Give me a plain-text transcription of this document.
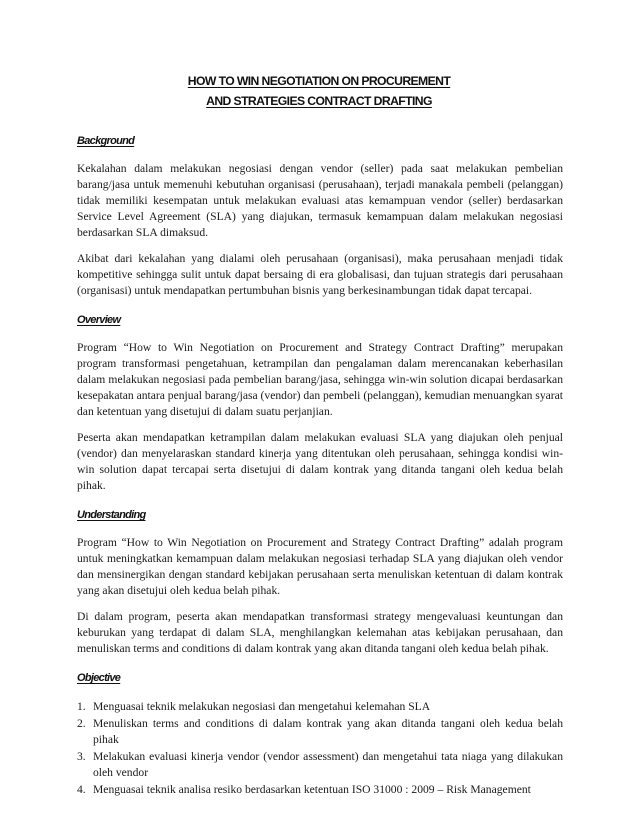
HOW TO WIN NEGOTIATION ON PROCUREMENT
AND STRATEGIES CONTRACT DRAFTING
Background

Kekalahan dalam melakukan negosiasi dengan vendor (seller) pada saat melakukan pembelian barang/jasa untuk memenuhi kebutuhan organisasi (perusahaan), terjadi manakala pembeli (pelanggan) tidak memiliki kesempatan untuk melakukan evaluasi atas kemampuan vendor (seller) berdasarkan Service Level Agreement (SLA) yang diajukan, termasuk kemampuan dalam melakukan negosiasi berdasarkan SLA dimaksud.

Akibat dari kekalahan yang dialami oleh perusahaan (organisasi), maka perusahaan menjadi tidak kompetitive sehingga sulit untuk dapat bersaing di era globalisasi, dan tujuan strategis dari perusahaan (organisasi) untuk mendapatkan pertumbuhan bisnis yang berkesinambungan tidak dapat tercapai.

Overview

Program “How to Win Negotiation on Procurement and Strategy Contract Drafting” merupakan program transformasi pengetahuan, ketrampilan dan pengalaman dalam merencanakan keberhasilan dalam melakukan negosiasi pada pembelian barang/jasa, sehingga win-win solution dicapai berdasarkan kesepakatan antara penjual barang/jasa (vendor) dan pembeli (pelanggan), kemudian menuangkan syarat dan ketentuan yang disetujui di dalam suatu perjanjian.

Peserta akan mendapatkan ketrampilan dalam melakukan evaluasi SLA yang diajukan oleh penjual (vendor) dan menyelaraskan standard kinerja yang ditentukan oleh perusahaan, sehingga kondisi win-win solution dapat tercapai serta disetujui di dalam kontrak yang ditanda tangani oleh kedua belah pihak.

Understanding

Program “How to Win Negotiation on Procurement and Strategy Contract Drafting” adalah program untuk meningkatkan kemampuan dalam melakukan negosiasi terhadap SLA yang diajukan oleh vendor dan mensinergikan dengan standard kebijakan perusahaan serta menuliskan ketentuan di dalam kontrak yang akan disetujui oleh kedua belah pihak.

Di dalam program, peserta akan mendapatkan transformasi strategy mengevaluasi keuntungan dan keburukan yang terdapat di dalam SLA, menghilangkan kelemahan atas kebijakan perusahaan, dan menuliskan terms and conditions di dalam kontrak yang akan ditanda tangani oleh kedua belah pihak.

Objective
1. Menguasai teknik melakukan negosiasi dan mengetahui kelemahan SLA
2. Menuliskan terms and conditions di dalam kontrak yang akan ditanda tangani oleh kedua belah pihak
3. Melakukan evaluasi kinerja vendor (vendor assessment) dan mengetahui tata niaga yang dilakukan oleh vendor
4. Menguasai teknik analisa resiko berdasarkan ketentuan ISO 31000 : 2009 – Risk Management
